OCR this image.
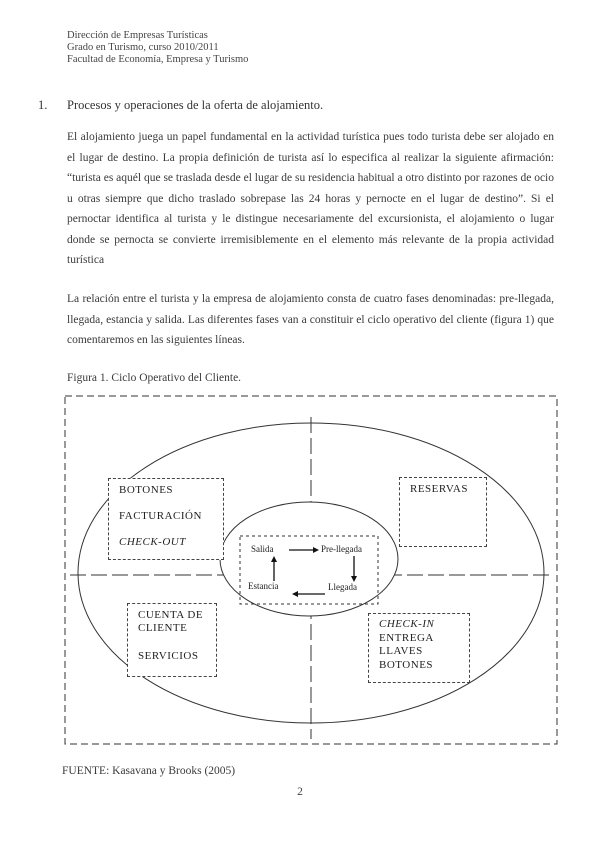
Dirección de Empresas Turísticas
Grado en Turismo, curso 2010/2011
Facultad de Economía, Empresa y Turismo
1. Procesos y operaciones de la oferta de alojamiento.
El alojamiento juega un papel fundamental en la actividad turística pues todo turista debe ser alojado en el lugar de destino. La propia definición de turista así lo especifica al realizar la siguiente afirmación: “turista es aquél que se traslada desde el lugar de su residencia habitual a otro distinto por razones de ocio u otras siempre que dicho traslado sobrepase las 24 horas y pernocte en el lugar de destino”. Si el pernoctar identifica al turista y le distingue necesariamente del excursionista, el alojamiento o lugar donde se pernocta se convierte irremisiblemente en el elemento más relevante de la propia actividad turística
La relación entre el turista y la empresa de alojamiento consta de cuatro fases denominadas: pre-llegada, llegada, estancia y salida. Las diferentes fases van a constituir el ciclo operativo del cliente (figura 1) que comentaremos en las siguientes líneas.
Figura 1. Ciclo Operativo del Cliente.
BOTONES
FACTURACIÓN
CHECK-OUT
RESERVAS
CUENTA DE
CLIENTE
SERVICIOS
CHECK-IN
ENTREGA
LLAVES
BOTONES
Salida	Pre-llegada
Llegada
Estancia
FUENTE: Kasavana y Brooks (2005)
2
